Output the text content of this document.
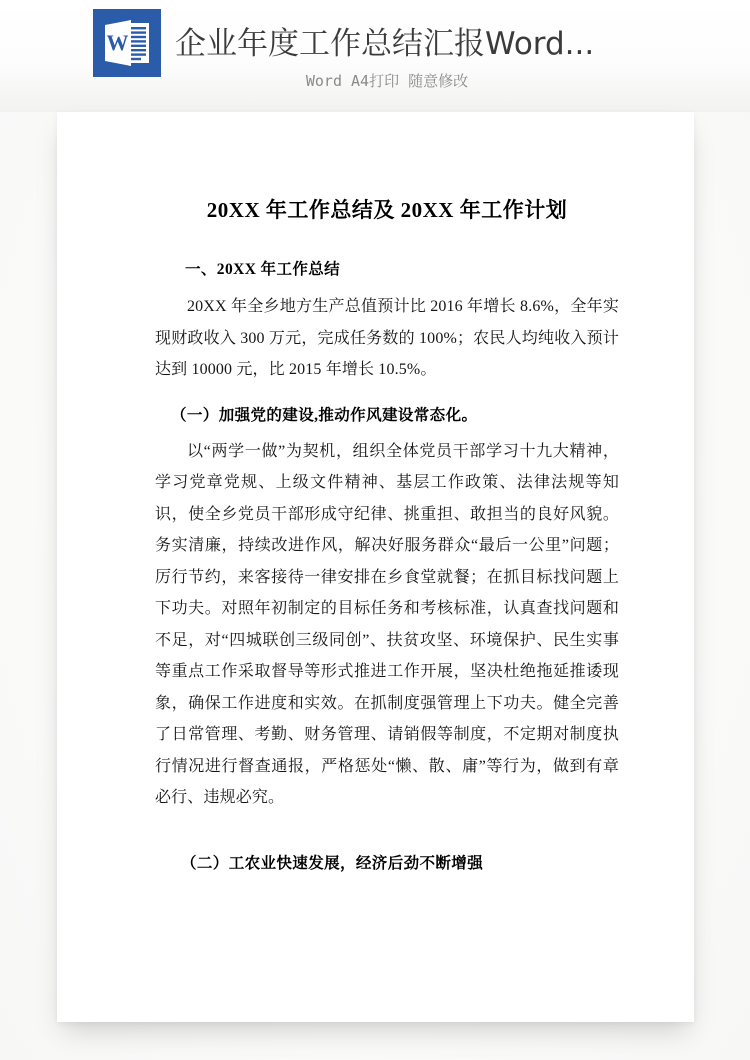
W 企业年度工作总结汇报Word...
Word A4打印 随意修改
20XX 年工作总结及 20XX 年工作计划
一、20XX 年工作总结

20XX 年全乡地方生产总值预计比 2016 年增长 8.6%，全年实现财政收入 300 万元，完成任务数的 100%；农民人均纯收入预计达到 10000 元，比 2015 年增长 10.5%。

（一）加强党的建设,推动作风建设常态化。

以“两学一做”为契机，组织全体党员干部学习十九大精神，学习党章党规、上级文件精神、基层工作政策、法律法规等知识，使全乡党员干部形成守纪律、挑重担、敢担当的良好风貌。务实清廉，持续改进作风，解决好服务群众“最后一公里”问题；厉行节约，来客接待一律安排在乡食堂就餐；在抓目标找问题上下功夫。对照年初制定的目标任务和考核标准，认真查找问题和不足，对“四城联创三级同创”、扶贫攻坚、环境保护、民生实事等重点工作采取督导等形式推进工作开展，坚决杜绝拖延推诿现象，确保工作进度和实效。在抓制度强管理上下功夫。健全完善了日常管理、考勤、财务管理、请销假等制度，不定期对制度执行情况进行督查通报，严格惩处“懒、散、庸”等行为，做到有章必行、违规必究。

（二）工农业快速发展，经济后劲不断增强
